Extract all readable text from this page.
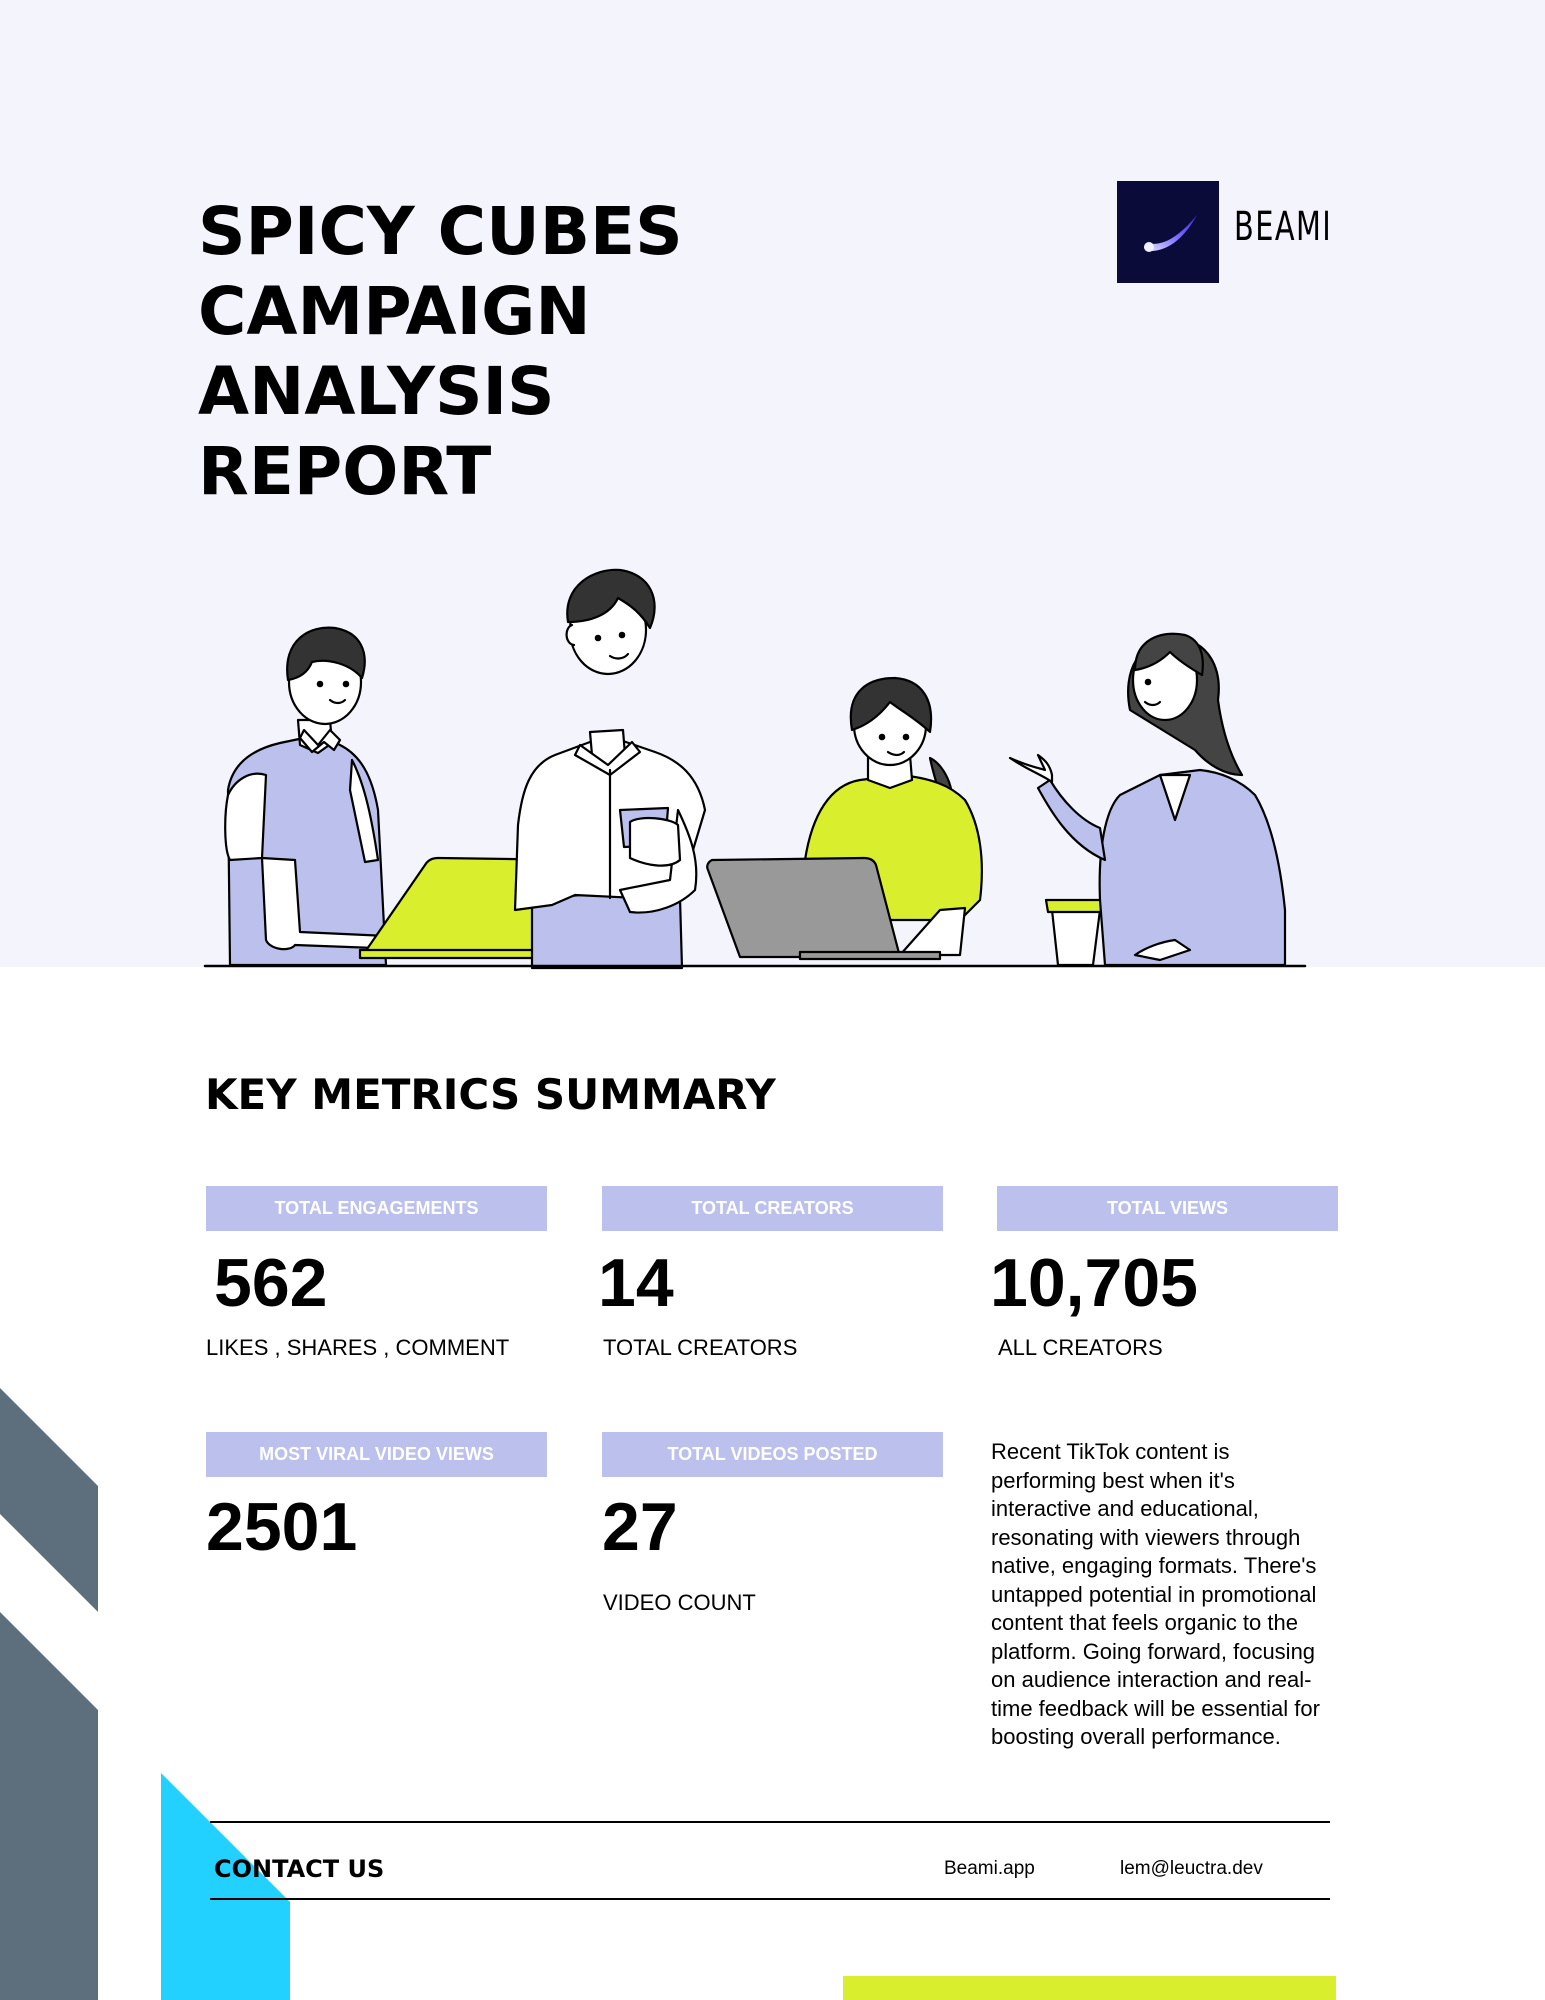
SPICY CUBES
CAMPAIGN
ANALYSIS
REPORT
BEAMI
KEY METRICS SUMMARY
TOTAL ENGAGEMENTS
562
LIKES , SHARES , COMMENT
TOTAL CREATORS
14
TOTAL CREATORS
TOTAL VIEWS
10,705
ALL CREATORS
MOST VIRAL VIDEO VIEWS
2501
TOTAL VIDEOS POSTED
27
VIDEO COUNT

Recent TikTok content is performing best when it's interactive and educational, resonating with viewers through native, engaging formats. There's untapped potential in promotional content that feels organic to the platform. Going forward, focusing on audience interaction and real-time feedback will be essential for boosting overall performance.

CONTACT US	Beami.app	lem@leuctra.dev
